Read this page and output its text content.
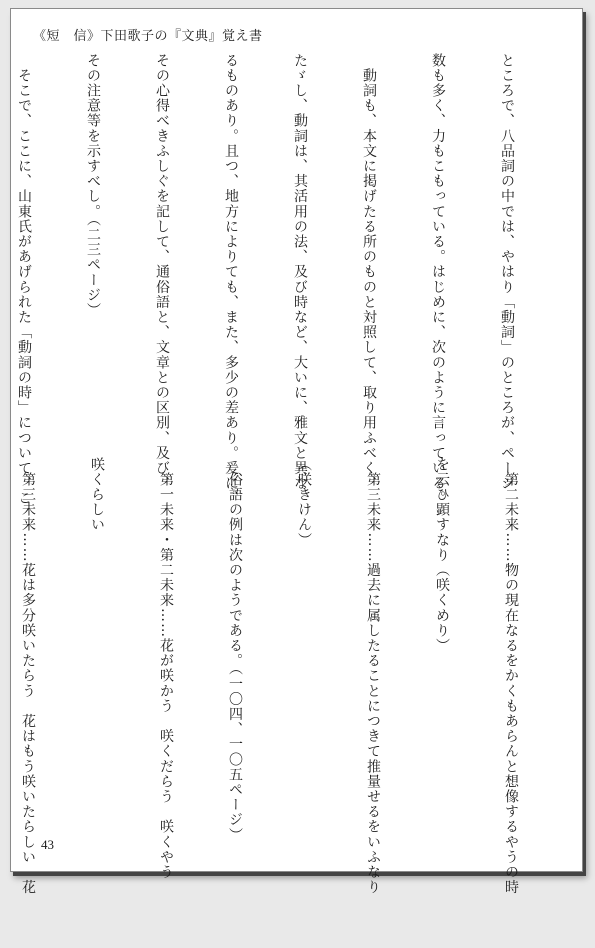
《短　信》下田歌子の『文典』覚え書

ところで、八品詞の中では、やはり「動詞」のところが、ページ

数も多く、力もこもっている。はじめに、次のように言っている。

　動詞も、本文に掲げたる所のものと対照して、取り用ふべく、

たゞし、動詞は、其活用の法、及び時など、大いに、雅文と異な

るものあり。且つ、地方によりても、また、多少の差あり。爰に、

その心得べきふしぐを記して、通俗語と、文章との区別、及び、

その注意等を示すべし。（二三ページ）

　そこで、ここに、山東氏があげられた「動詞の時」について、こ

　第二未来……物の現在なるをかくもあらんと想像するやうの時

を云ひ顕すなり（咲くめり）

　第三未来……過去に属したることにつきて推量せるをいふなり

（咲きけん）

　俗語の例は次のようである。（一〇四、一〇五ページ）

　第一未来・第二未来……花が咲かう　咲くだらう　咲くやう

咲くらしい

　第三未来……花は多分咲いたらう　花はもう咲いたらしい　花

43
